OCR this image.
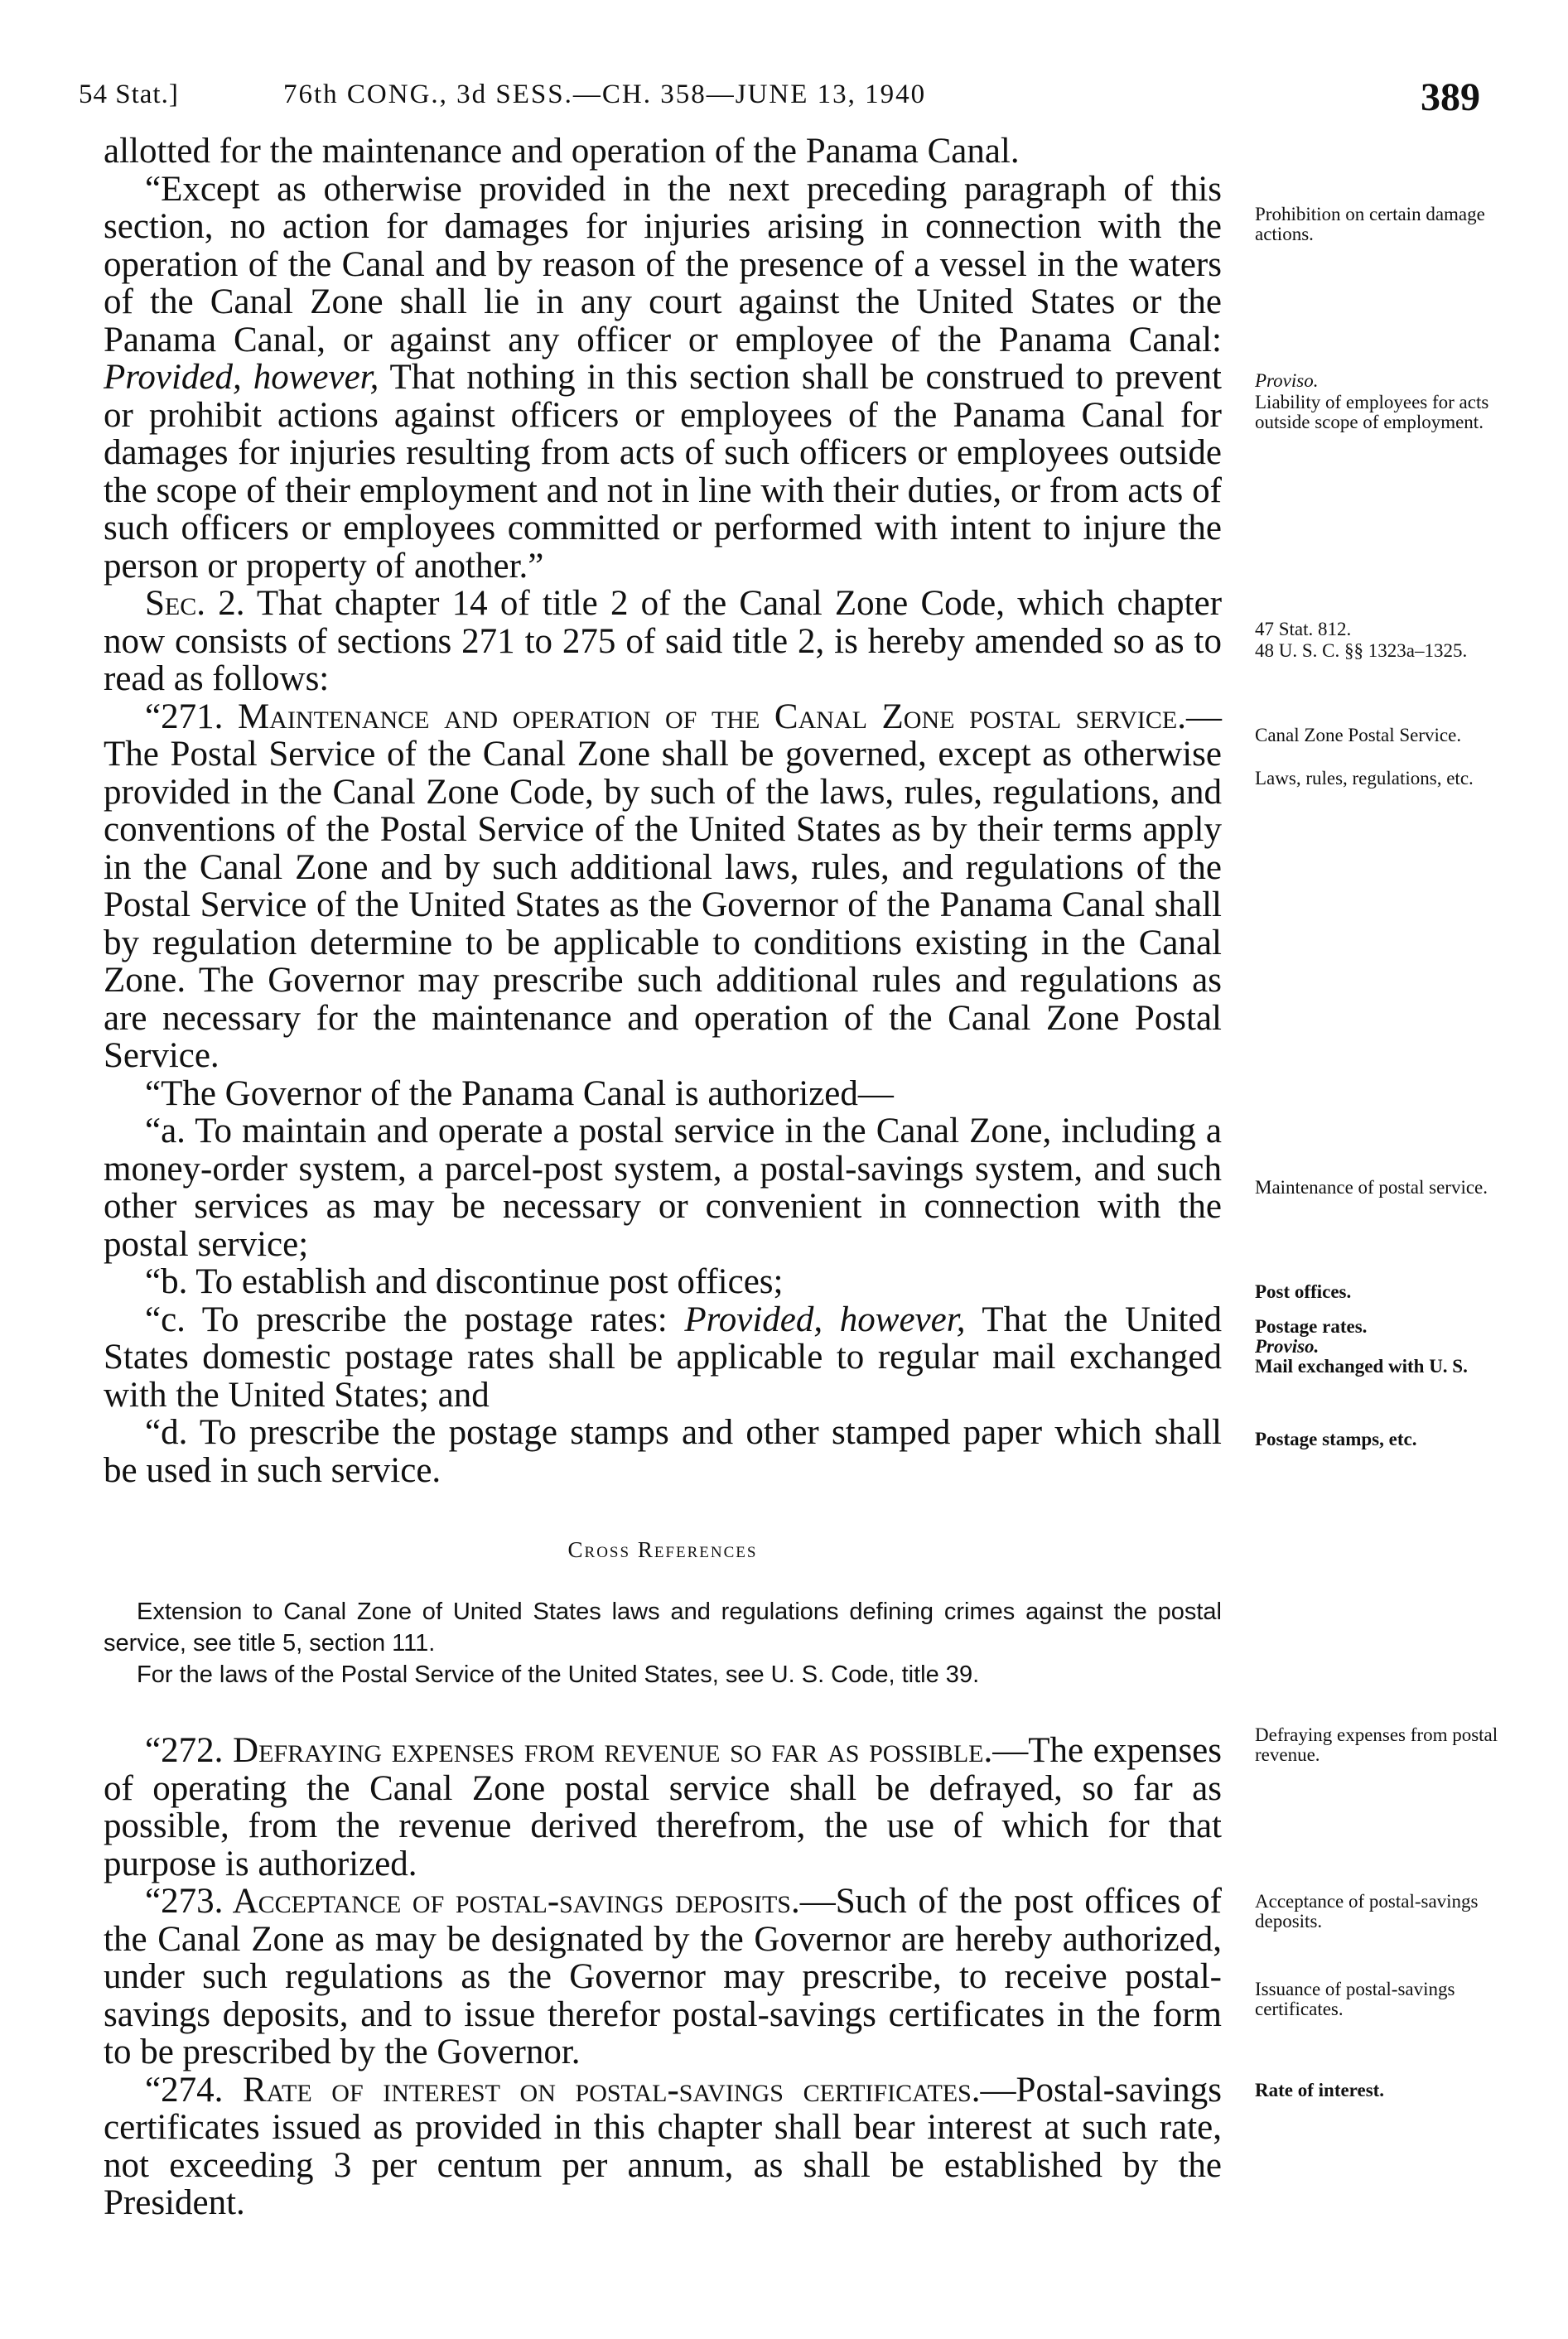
54 Stat.]	76th CONG., 3d SESS.—CH. 358—JUNE 13, 1940	389

allotted for the maintenance and operation of the Panama Canal.

“Except as otherwise provided in the next preceding paragraph of this section, no action for damages for injuries arising in connection with the operation of the Canal and by reason of the presence of a vessel in the waters of the Canal Zone shall lie in any court against the United States or the Panama Canal, or against any officer or employee of the Panama Canal: Provided, however, That nothing in this section shall be construed to prevent or prohibit actions against officers or employees of the Panama Canal for damages for injuries resulting from acts of such officers or employees outside the scope of their employment and not in line with their duties, or from acts of such officers or employees committed or performed with intent to injure the person or property of another.”

Sec. 2. That chapter 14 of title 2 of the Canal Zone Code, which chapter now consists of sections 271 to 275 of said title 2, is hereby amended so as to read as follows:

“271. Maintenance and operation of the Canal Zone postal service.—The Postal Service of the Canal Zone shall be governed, except as otherwise provided in the Canal Zone Code, by such of the laws, rules, regulations, and conventions of the Postal Service of the United States as by their terms apply in the Canal Zone and by such additional laws, rules, and regulations of the Postal Service of the United States as the Governor of the Panama Canal shall by regulation determine to be applicable to conditions existing in the Canal Zone. The Governor may prescribe such additional rules and regulations as are necessary for the maintenance and operation of the Canal Zone Postal Service.

“The Governor of the Panama Canal is authorized—

“a. To maintain and operate a postal service in the Canal Zone, including a money-order system, a parcel-post system, a postal-savings system, and such other services as may be necessary or convenient in connection with the postal service;

“b. To establish and discontinue post offices;

“c. To prescribe the postage rates: Provided, however, That the United States domestic postage rates shall be applicable to regular mail exchanged with the United States; and

“d. To prescribe the postage stamps and other stamped paper which shall be used in such service.

Cross References

Extension to Canal Zone of United States laws and regulations defining crimes against the postal service, see title 5, section 111.

For the laws of the Postal Service of the United States, see U. S. Code, title 39.

“272. Defraying expenses from revenue so far as possible.—The expenses of operating the Canal Zone postal service shall be defrayed, so far as possible, from the revenue derived therefrom, the use of which for that purpose is authorized.

“273. Acceptance of postal-savings deposits.—Such of the post offices of the Canal Zone as may be designated by the Governor are hereby authorized, under such regulations as the Governor may prescribe, to receive postal-savings deposits, and to issue therefor postal-savings certificates in the form to be prescribed by the Governor.

“274. Rate of interest on postal-savings certificates.—Postal-savings certificates issued as provided in this chapter shall bear interest at such rate, not exceeding 3 per centum per annum, as shall be established by the President.

Prohibition on certain damage actions.
Proviso.
Liability of employees for acts outside scope of employment.
47 Stat. 812.
48 U. S. C. §§ 1323a–1325.
Canal Zone Postal Service.
Laws, rules, regulations, etc.
Maintenance of postal service.
Post offices.
Postage rates.
Proviso.
Mail exchanged with U. S.
Postage stamps, etc.
Defraying expenses from postal revenue.
Acceptance of postal-savings deposits.
Issuance of postal-savings certificates.
Rate of interest.
